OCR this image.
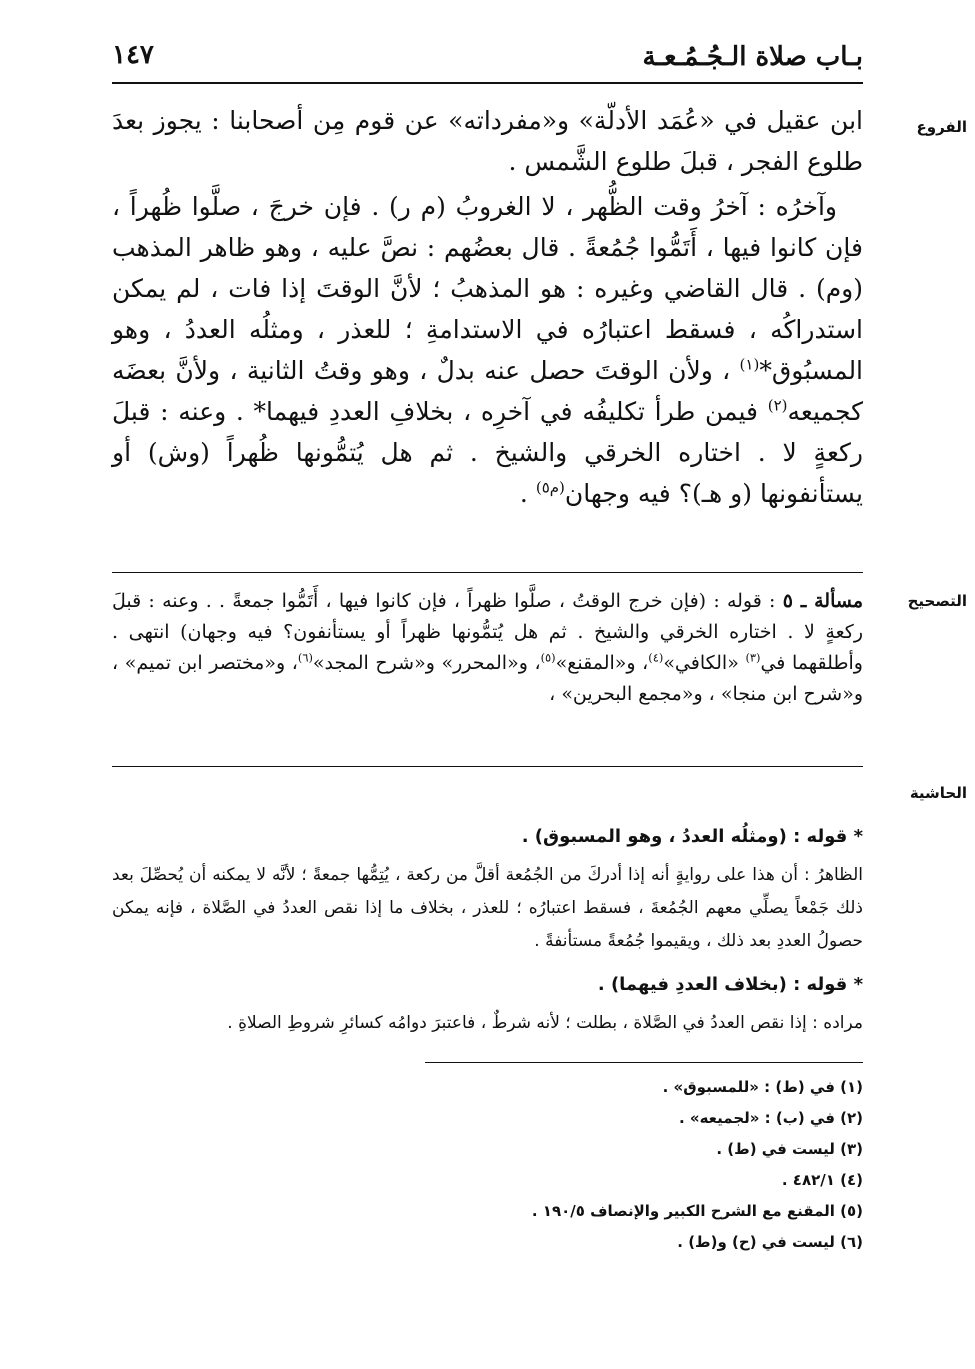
بـاب صلاة الـجُـمُـعـة
١٤٧
الفروع

ابن عقيل في «عُمَد الأدلّة» و«مفرداته» عن قوم مِن أصحابنا : يجوز بعدَ طلوع الفجر ، قبلَ طلوع الشَّمس .

وآخرُه : آخرُ وقت الظُّهر ، لا الغروبُ (م ر) . فإن خرجَ ، صلَّوا ظُهراً ، فإن كانوا فيها ، أَتَمُّوا جُمُعةً . قال بعضُهم : نصَّ عليه ، وهو ظاهر المذهب (وم) . قال القاضي وغيره : هو المذهبُ ؛ لأنَّ الوقتَ إذا فات ، لم يمكن استدراكُه ، فسقط اعتبارُه في الاستدامةِ ؛ للعذر ، ومثلُه العددُ ، وهو المسبُوق*$^{(١)}$ ، ولأن الوقتَ حصل عنه بدلٌ ، وهو وقتُ الثانية ، ولأنَّ بعضَه كجميعه$^{(٢)}$ فيمن طرأ تكليفُه في آخرِه ، بخلافِ العددِ فيهما* . وعنه : قبلَ ركعةٍ لا . اختاره الخرقي والشيخ . ثم هل يُتمُّونها ظُهراً (وش) أو يستأنفونها (و هـ)؟ فيه وجهان$^{(م٥)}$ .

التصحيح

مسألة ـ ٥ : قوله : (فإن خرج الوقتُ ، صلَّوا ظهراً ، فإن كانوا فيها ، أَتَمُّوا جمعةً . . وعنه : قبلَ ركعةٍ لا . اختاره الخرقي والشيخ . ثم هل يُتمُّونها ظهراً أو يستأنفون؟ فيه وجهان) انتهى . وأطلقهما في$^{(٣)}$ «الكافي»$^{(٤)}$، و«المقنع»$^{(٥)}$، و«المحرر» و«شرح المجد»$^{(٦)}$، و«مختصر ابن تميم» ، و«شرح ابن منجا» ، و«مجمع البحرين» ،

الحاشية

* قوله : (ومثلُه العددُ ، وهو المسبوق) .

الظاهرُ : أن هذا على روايةٍ أنه إذا أدركَ من الجُمُعة أقلَّ من ركعة ، يُتِمُّها جمعةً ؛ لأنَّه لا يمكنه أن يُحصِّلَ بعد ذلك جَمْعاً يصلِّي معهم الجُمُعةَ ، فسقط اعتبارُه ؛ للعذر ، بخلاف ما إذا نقص العددُ في الصَّلاة ، فإنه يمكن حصولُ العددِ بعد ذلك ، ويقيموا جُمُعةً مستأنفةً .

* قوله : (بخلاف العددِ فيهما) .

مراده : إذا نقص العددُ في الصَّلاة ، بطلت ؛ لأنه شرطٌ ، فاعتبرَ دوامُه كسائرِ شروطِ الصلاةِ .

(١) في (ط) : «للمسبوق» .

(٢) في (ب) : «لجميعه» .

(٣) ليست في (ط) .

(٤) ٤٨٢/١ .

(٥) المقنع مع الشرح الكبير والإنصاف ١٩٠/٥ .

(٦) ليست في (ح) و(ط) .
